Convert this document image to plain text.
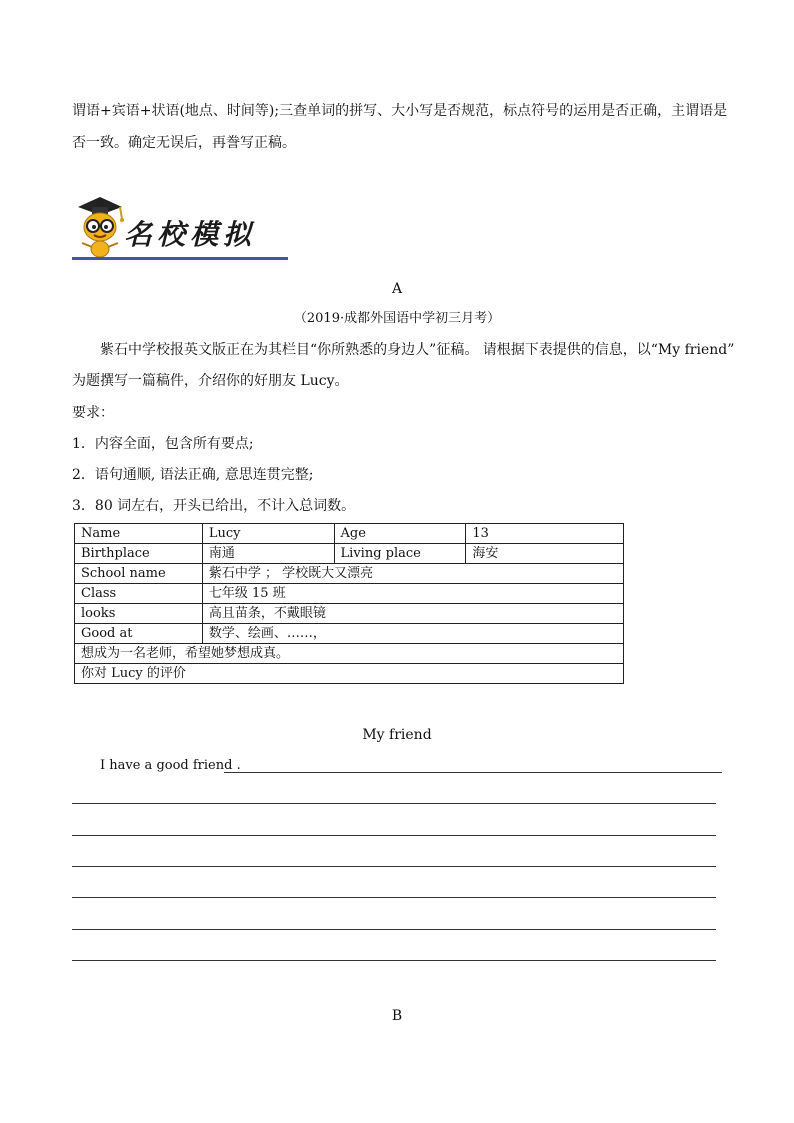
谓语+宾语+状语(地点、时间等);三查单词的拼写、大小写是否规范，标点符号的运用是否正确，主谓语是
否一致。确定无误后，再誊写正稿。
名校模拟
A
（2019·成都外国语中学初三月考）
紫石中学校报英文版正在为其栏目“你所熟悉的身边人”征稿。 请根据下表提供的信息，以“My friend”
为题撰写一篇稿件，介绍你的好朋友 Lucy。
要求：
1．内容全面，包含所有要点;
2．语句通顺, 语法正确, 意思连贯完整;
3．80 词左右，开头已给出，不计入总词数。
Name	Lucy	Age	13
Birthplace	南通	Living place	海安
School name	紫石中学 ； 学校既大又漂亮		
Class	七年级 15 班		
looks	高且苗条，不戴眼镜		
Good at	数学、绘画、……，		
想成为一名老师，希望她梦想成真。			
你对 Lucy 的评价			
My friend
I have a good friend .
B
